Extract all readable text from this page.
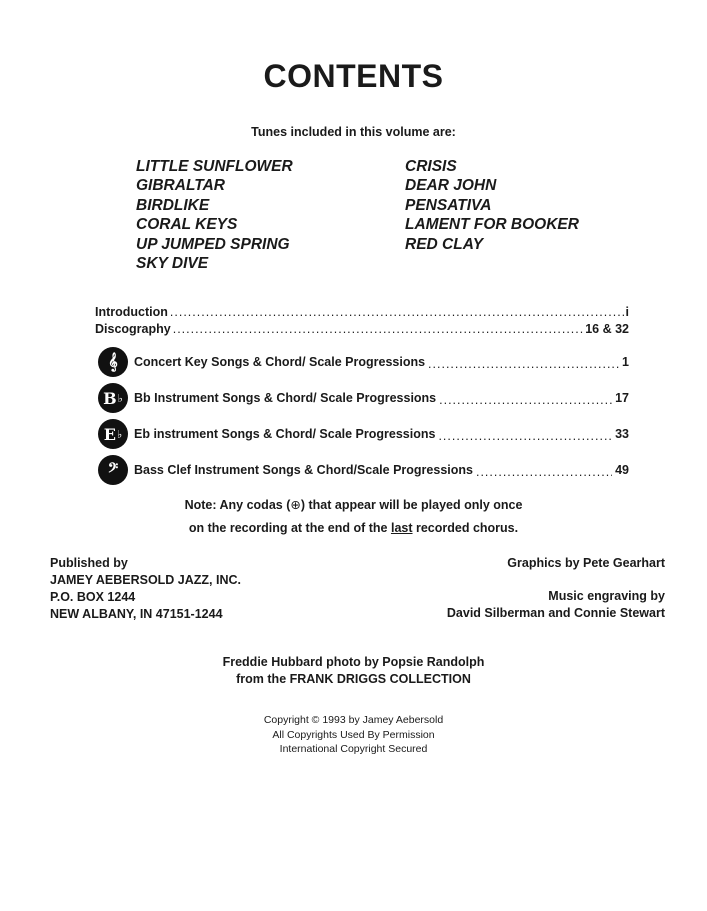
CONTENTS
Tunes included in this volume are:
LITTLE SUNFLOWER
GIBRALTAR
BIRDLIKE
CORAL KEYS
UP JUMPED SPRING
SKY DIVE
CRISIS
DEAR JOHN
PENSATIVA
LAMENT FOR BOOKER
RED CLAY
Introduction .....	i
Discography .....	16 & 32
𝄞	Concert Key Songs & Chord/ Scale Progressions .....	1
B ♭ Bb Instrument Songs & Chord/ Scale Progressions .....	17
E ♭ Eb instrument Songs & Chord/ Scale Progressions .....	33
𝄢	Bass Clef Instrument Songs & Chord/Scale Progressions .....	49
Note: Any codas (⊕) that appear will be played only once
on the recording at the end of the last recorded chorus.
Published by
JAMEY AEBERSOLD JAZZ, INC.
P.O. BOX 1244
NEW ALBANY, IN 47151-1244
Graphics by Pete Gearhart
Music engraving by
David Silberman and Connie Stewart
Freddie Hubbard photo by Popsie Randolph
from the FRANK DRIGGS COLLECTION
Copyright © 1993 by Jamey Aebersold
All Copyrights Used By Permission
International Copyright Secured
